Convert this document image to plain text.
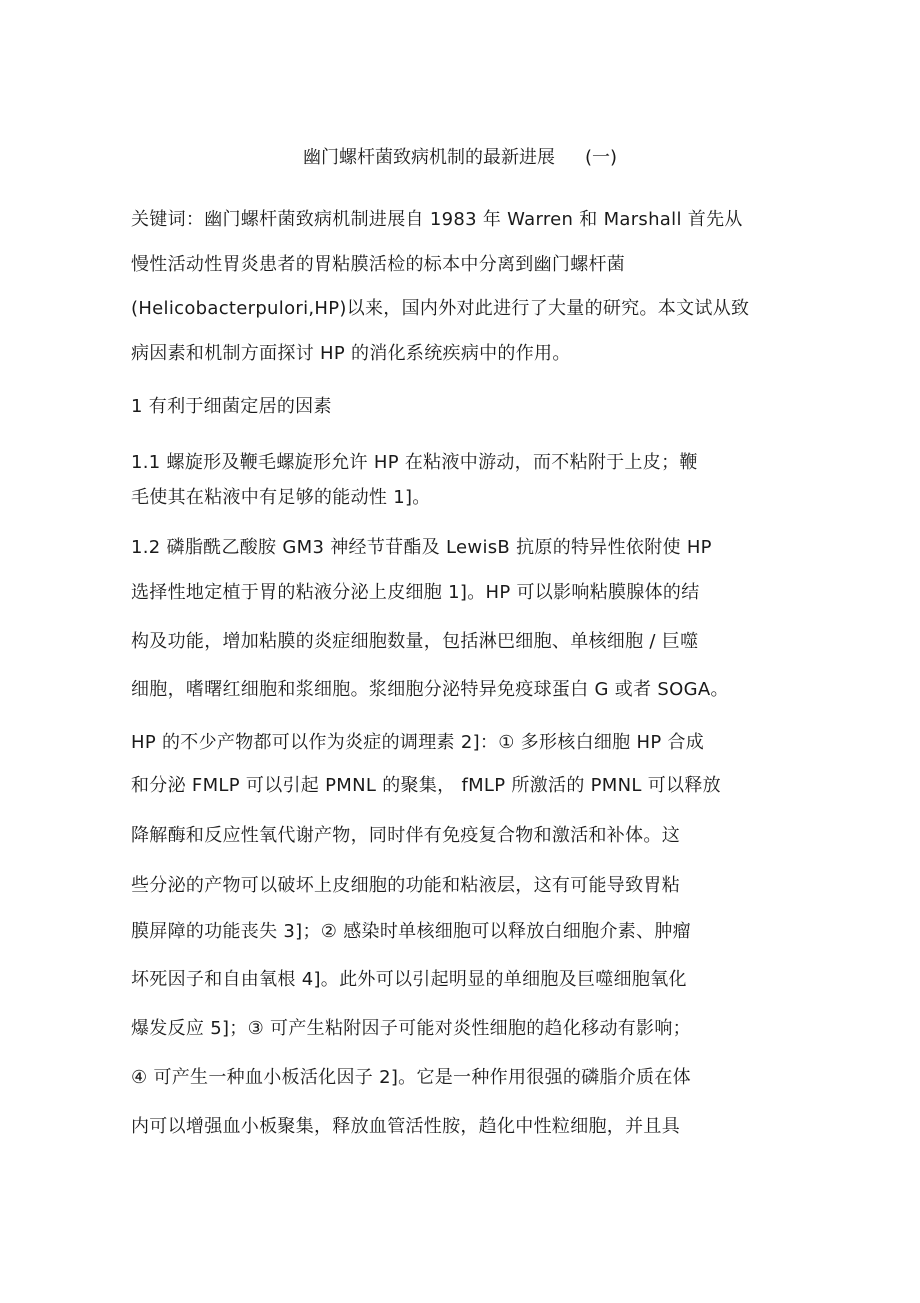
幽门螺杆菌致病机制的最新进展 (一)
关键词：幽门螺杆菌致病机制进展自 1983 年 Warren 和 Marshall 首先从
慢性活动性胃炎患者的胃粘膜活检的标本中分离到幽门螺杆菌
(Helicobacterpulori,HP)以来，国内外对此进行了大量的研究。本文试从致
病因素和机制方面探讨 HP 的消化系统疾病中的作用。
1 有利于细菌定居的因素
1.1 螺旋形及鞭毛螺旋形允许 HP 在粘液中游动，而不粘附于上皮；鞭
毛使其在粘液中有足够的能动性 1]。
1.2 磷脂酰乙酸胺 GM3 神经节苷酯及 LewisB 抗原的特异性依附使 HP
选择性地定植于胃的粘液分泌上皮细胞 1]。HP 可以影响粘膜腺体的结
构及功能，增加粘膜的炎症细胞数量，包括淋巴细胞、单核细胞 / 巨噬
细胞，嗜曙红细胞和浆细胞。浆细胞分泌特异免疫球蛋白 G 或者 SOGA。
HP 的不少产物都可以作为炎症的调理素 2]：① 多形核白细胞 HP 合成
和分泌 FMLP 可以引起 PMNL 的聚集， fMLP 所激活的 PMNL 可以释放
降解酶和反应性氧代谢产物，同时伴有免疫复合物和激活和补体。这
些分泌的产物可以破坏上皮细胞的功能和粘液层，这有可能导致胃粘
膜屏障的功能丧失 3]；② 感染时单核细胞可以释放白细胞介素、肿瘤
坏死因子和自由氧根 4]。此外可以引起明显的单细胞及巨噬细胞氧化
爆发反应 5]；③ 可产生粘附因子可能对炎性细胞的趋化移动有影响；
④ 可产生一种血小板活化因子 2]。它是一种作用很强的磷脂介质在体
内可以增强血小板聚集，释放血管活性胺，趋化中性粒细胞，并且具
